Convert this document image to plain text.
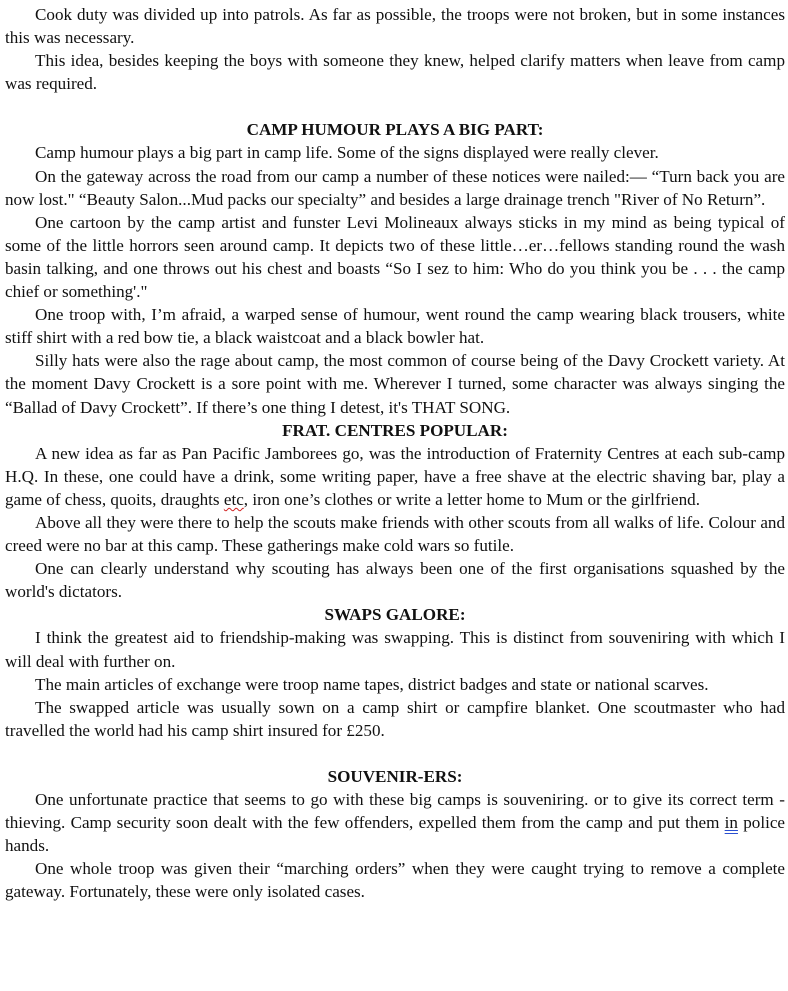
Cook duty was divided up into patrols. As far as possible, the troops were not broken, but in some instances this was necessary.

This idea, besides keeping the boys with someone they knew, helped clarify matters when leave from camp was required.

CAMP HUMOUR PLAYS A BIG PART:

Camp humour plays a big part in camp life. Some of the signs displayed were really clever.

On the gateway across the road from our camp a number of these notices were nailed:— “Turn back you are now lost." “Beauty Salon...Mud packs our specialty” and besides a large drainage trench "River of No Return”.

One cartoon by the camp artist and funster Levi Molineaux always sticks in my mind as being typical of some of the little horrors seen around camp. It depicts two of these little…er…fellows standing round the wash basin talking, and one throws out his chest and boasts “So I sez to him: Who do you think you be . . . the camp chief or something'."

One troop with, I’m afraid, a warped sense of humour, went round the camp wearing black trousers, white stiff shirt with a red bow tie, a black waistcoat and a black bowler hat.

Silly hats were also the rage about camp, the most common of course being of the Davy Crockett variety. At the moment Davy Crockett is a sore point with me. Wherever I turned, some character was always singing the “Ballad of Davy Crockett”. If there’s one thing I detest, it's THAT SONG.

FRAT. CENTRES POPULAR:

A new idea as far as Pan Pacific Jamborees go, was the introduction of Fraternity Centres at each sub-camp H.Q. In these, one could have a drink, some writing paper, have a free shave at the electric shaving bar, play a game of chess, quoits, draughts etc, iron one’s clothes or write a letter home to Mum or the girlfriend.

Above all they were there to help the scouts make friends with other scouts from all walks of life. Colour and creed were no bar at this camp. These gatherings make cold wars so futile.

One can clearly understand why scouting has always been one of the first organisations squashed by the world's dictators.

SWAPS GALORE:

I think the greatest aid to friendship-making was swapping. This is distinct from souveniring with which I will deal with further on.

The main articles of exchange were troop name tapes, district badges and state or national scarves.

The swapped article was usually sown on a camp shirt or campfire blanket. One scoutmaster who had travelled the world had his camp shirt insured for £250.

SOUVENIR-ERS:

One unfortunate practice that seems to go with these big camps is souveniring. or to give its correct term - thieving. Camp security soon dealt with the few offenders, expelled them from the camp and put them in police hands.

One whole troop was given their “marching orders” when they were caught trying to remove a complete gateway. Fortunately, these were only isolated cases.
